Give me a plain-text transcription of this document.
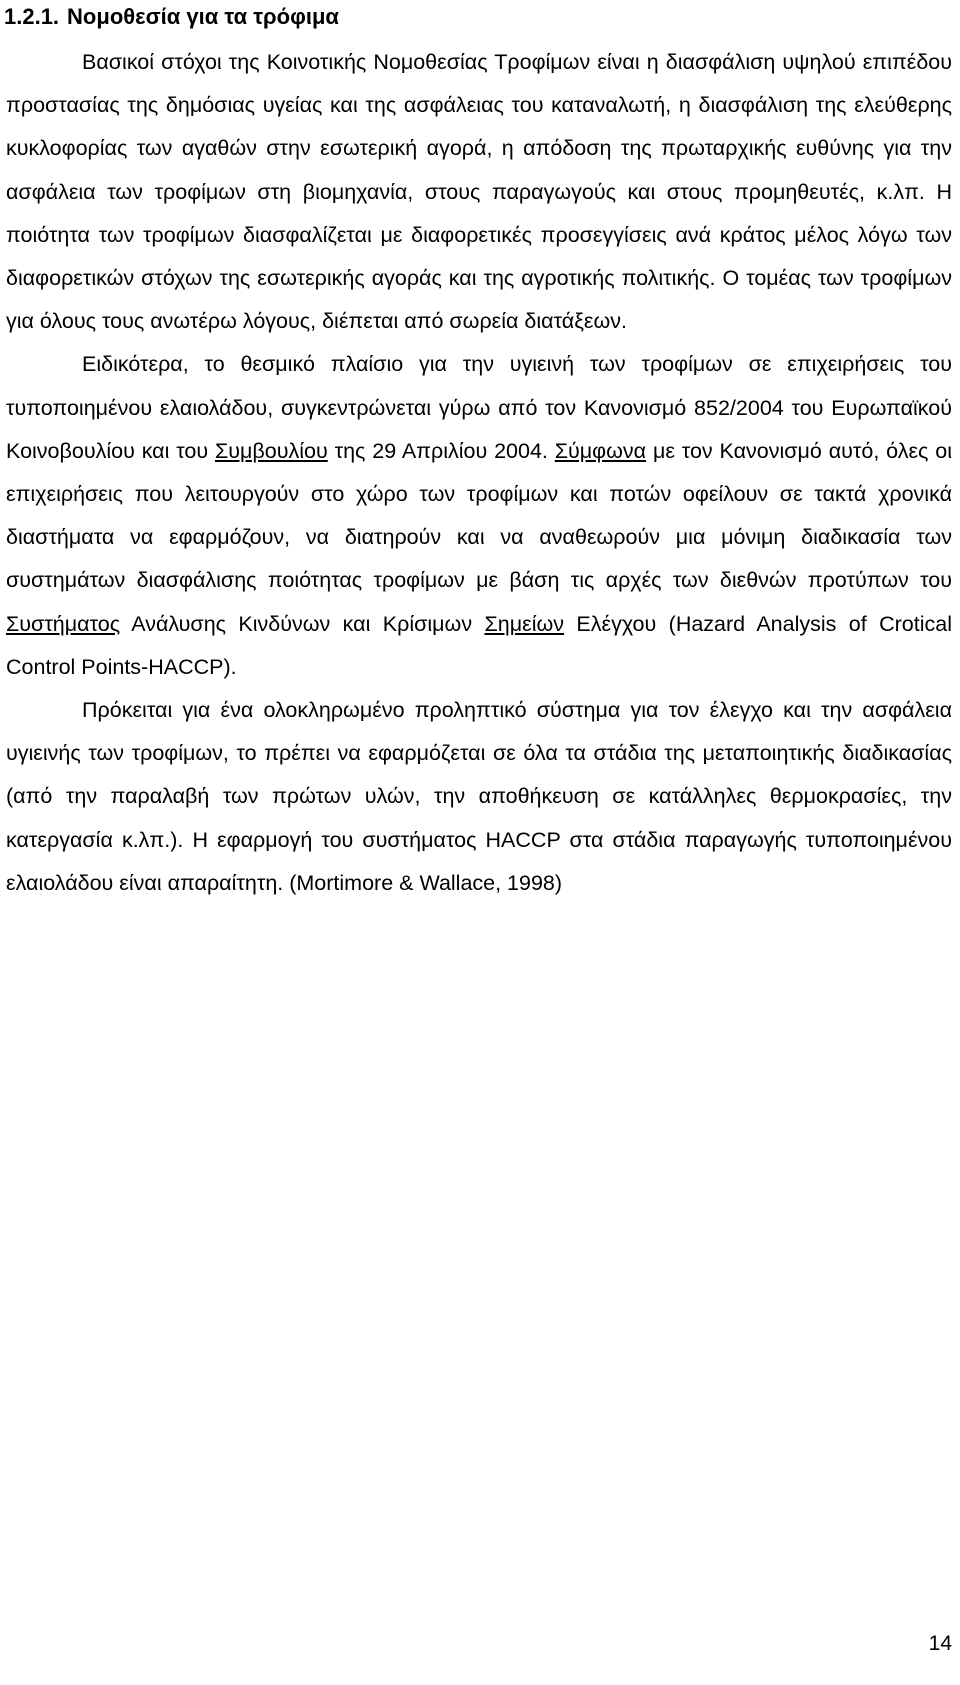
1.2.1. Νομοθεσία για τα τρόφιμα

Βασικοί στόχοι της Κοινοτικής Νομοθεσίας Τροφίμων είναι η διασφάλιση υψηλού επιπέδου προστασίας της δημόσιας υγείας και της ασφάλειας του καταναλωτή, η διασφάλιση της ελεύθερης κυκλοφορίας των αγαθών στην εσωτερική αγορά, η απόδοση της πρωταρχικής ευθύνης για την ασφάλεια των τροφίμων στη βιομηχανία, στους παραγωγούς και στους προμηθευτές, κ.λπ. Η ποιότητα των τροφίμων διασφαλίζεται με διαφορετικές προσεγγίσεις ανά κράτος μέλος λόγω των διαφορετικών στόχων της εσωτερικής αγοράς και της αγροτικής πολιτικής. Ο τομέας των τροφίμων για όλους τους ανωτέρω λόγους, διέπεται από σωρεία διατάξεων.

Ειδικότερα, το θεσμικό πλαίσιο για την υγιεινή των τροφίμων σε επιχειρήσεις του τυποποιημένου ελαιολάδου, συγκεντρώνεται γύρω από τον Κανονισμό 852/2004 του Ευρωπαϊκού Κοινοβουλίου και του Συμβουλίου της 29 Απριλίου 2004. Σύμφωνα με τον Κανονισμό αυτό, όλες οι επιχειρήσεις που λειτουργούν στο χώρο των τροφίμων και ποτών οφείλουν σε τακτά χρονικά διαστήματα να εφαρμόζουν, να διατηρούν και να αναθεωρούν μια μόνιμη διαδικασία των συστημάτων διασφάλισης ποιότητας τροφίμων με βάση τις αρχές των διεθνών προτύπων του Συστήματος Ανάλυσης Κινδύνων και Κρίσιμων Σημείων Ελέγχου (Hazard Analysis of Crotical Control Points-HACCP).

Πρόκειται για ένα ολοκληρωμένο προληπτικό σύστημα για τον έλεγχο και την ασφάλεια υγιεινής των τροφίμων, το πρέπει να εφαρμόζεται σε όλα τα στάδια της μεταποιητικής διαδικασίας (από την παραλαβή των πρώτων υλών, την αποθήκευση σε κατάλληλες θερμοκρασίες, την κατεργασία κ.λπ.). Η εφαρμογή του συστήματος HACCP στα στάδια παραγωγής τυποποιημένου ελαιολάδου είναι απαραίτητη. (Mortimore & Wallace, 1998)

14
